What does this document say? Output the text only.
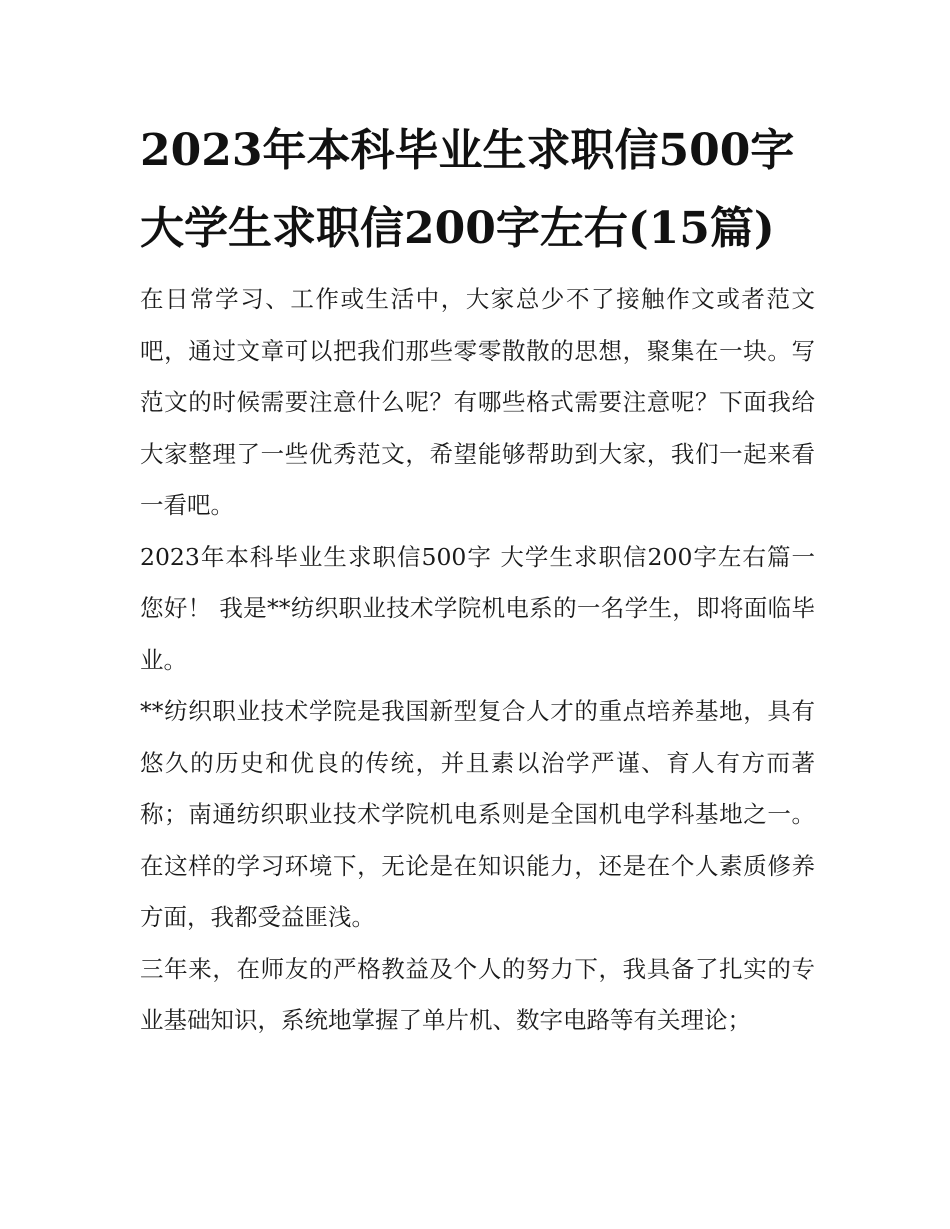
2023年本科毕业生求职信500字 大学生求职信200字左右(15篇)

在日常学习、工作或生活中，大家总少不了接触作文或者范文吧，通过文章可以把我们那些零零散散的思想，聚集在一块。写范文的时候需要注意什么呢？有哪些格式需要注意呢？下面我给大家整理了一些优秀范文，希望能够帮助到大家，我们一起来看一看吧。

2023年本科毕业生求职信500字 大学生求职信200字左右篇一 您好！ 我是**纺织职业技术学院机电系的一名学生，即将面临毕业。

**纺织职业技术学院是我国新型复合人才的重点培养基地，具有悠久的历史和优良的传统，并且素以治学严谨、育人有方而著称；南通纺织职业技术学院机电系则是全国机电学科基地之一。在这样的学习环境下，无论是在知识能力，还是在个人素质修养方面，我都受益匪浅。

三年来，在师友的严格教益及个人的努力下，我具备了扎实的专业基础知识，系统地掌握了单片机、数字电路等有关理论；
